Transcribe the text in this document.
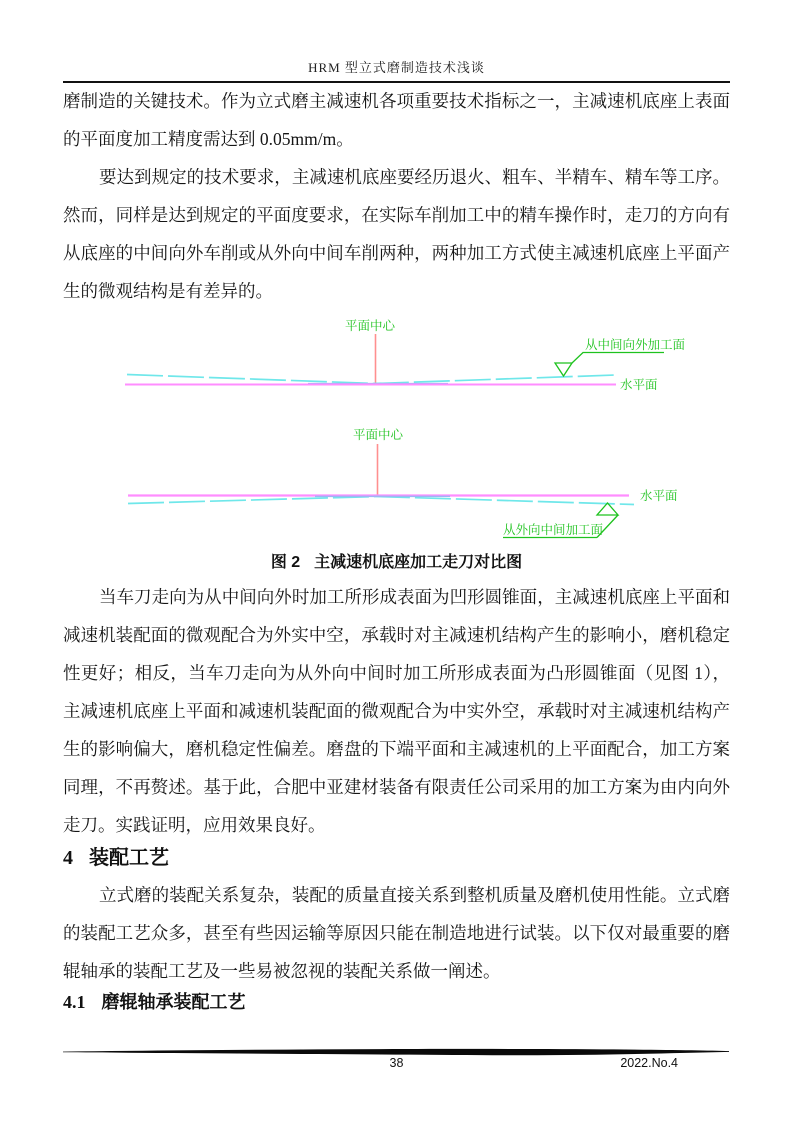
HRM 型立式磨制造技术浅谈
磨制造的关键技术。作为立式磨主减速机各项重要技术指标之一，主减速机底座上表面的平面度加工精度需达到 0.05mm/m。
要达到规定的技术要求，主减速机底座要经历退火、粗车、半精车、精车等工序。然而，同样是达到规定的平面度要求，在实际车削加工中的精车操作时，走刀的方向有从底座的中间向外车削或从外向中间车削两种，两种加工方式使主减速机底座上平面产生的微观结构是有差异的。
平面中心
从中间向外加工面
水平面
平面中心
从外向中间加工面
水平面
图 2 主减速机底座加工走刀对比图
当车刀走向为从中间向外时加工所形成表面为凹形圆锥面，主减速机底座上平面和减速机装配面的微观配合为外实中空，承载时对主减速机结构产生的影响小，磨机稳定性更好；相反，当车刀走向为从外向中间时加工所形成表面为凸形圆锥面（见图 1），主减速机底座上平面和减速机装配面的微观配合为中实外空，承载时对主减速机结构产生的影响偏大，磨机稳定性偏差。磨盘的下端平面和主减速机的上平面配合，加工方案同理，不再赘述。基于此，合肥中亚建材装备有限责任公司采用的加工方案为由内向外走刀。实践证明，应用效果良好。
4 装配工艺
立式磨的装配关系复杂，装配的质量直接关系到整机质量及磨机使用性能。立式磨的装配工艺众多，甚至有些因运输等原因只能在制造地进行试装。以下仅对最重要的磨辊轴承的装配工艺及一些易被忽视的装配关系做一阐述。
4.1 磨辊轴承装配工艺
38	2022.No.4
